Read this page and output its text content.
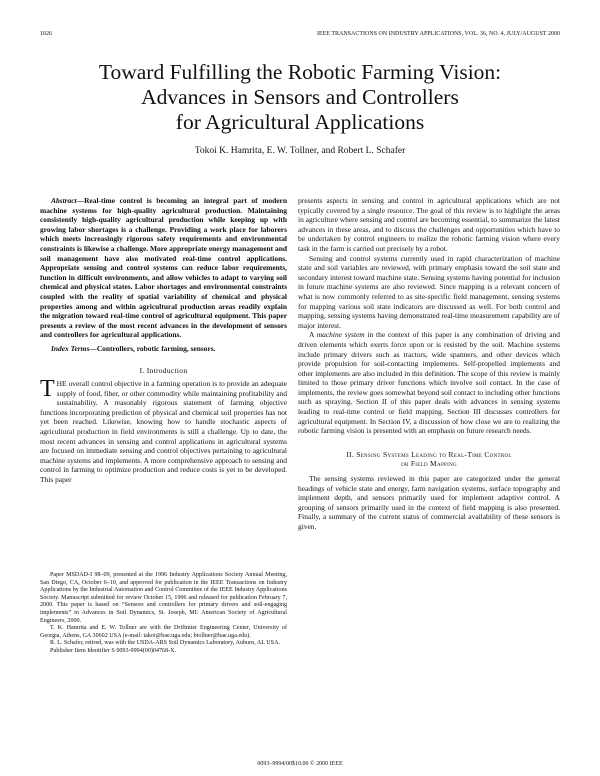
1026	IEEE TRANSACTIONS ON INDUSTRY APPLICATIONS, VOL. 36, NO. 4, JULY/AUGUST 2000
Toward Fulfilling the Robotic Farming Vision:
Advances in Sensors and Controllers
for Agricultural Applications
Tokoi K. Hamrita, E. W. Tollner, and Robert L. Schafer

Abstract—Real-time control is becoming an integral part of modern machine systems for high-quality agricultural production. Maintaining consistently high-quality agricultural production while keeping up with growing labor shortages is a challenge. Providing a work place for laborers which meets increasingly rigorous safety requirements and environmental constraints is likewise a challenge. More appropriate energy management and soil management have also motivated real-time control applications. Appropriate sensing and control systems can reduce labor requirements, function in difficult environments, and allow vehicles to adapt to varying soil chemical and physical states. Labor shortages and environmental constraints coupled with the reality of spatial variability of chemical and physical properties among and within agricultural production areas readily explain the migration toward real-time control of agricultural equipment. This paper presents a review of the most recent advances in the development of sensors and controllers for agricultural applications.

Index Terms—Controllers, robotic farming, sensors.

I. Introduction

THE overall control objective in a farming operation is to provide an adequate supply of food, fiber, or other commodity while maintaining profitability and sustainability. A reasonably rigorous statement of farming objective functions incorporating prediction of physical and chemical soil properties has not yet been reached. Likewise, knowing how to handle stochastic aspects of agricultural production in field environments is still a challenge. Up to date, the most recent advances in sensing and control applications in agricultural systems are focused on immediate sensing and control objectives pertaining to agricultural machine systems and implements. A more comprehensive approach to sensing and control in farming to optimize production and reduce costs is yet to be developed. This paper

Paper MSDAD-I 98–09, presented at the 1996 Industry Applications Society Annual Meeting, San Diego, CA, October 6–10, and approved for publication in the IEEE Transactions on Industry Applications by the Industrial Automation and Control Committee of the IEEE Industry Applications Society. Manuscript submitted for review October 15, 1996 and released for publication February 7, 2000. This paper is based on “Sensors and controllers for primary drivers and soil-engaging implements” in Advances in Soil Dynamics, St. Joseph, MI: American Society of Agricultural Engineers, 2000.

T. K. Hamrita and E. W. Tollner are with the Driftmier Engineering Center, University of Georgia, Athens, GA 30602 USA (e-mail: takoi@bae.uga.edu; btollner@bae.uga.edu).

R. L. Schafer, retired, was with the USDA-ARS Soil Dynamics Laboratory, Auburn, AL USA.

Publisher Item Identifier S 0093-9994(00)04768-X.

presents aspects in sensing and control in agricultural applications which are not typically covered by a single resource. The goal of this review is to highlight the areas in agriculture where sensing and control are becoming essential, to summarize the latest advances in these areas, and to discuss the challenges and opportunities which have to be undertaken by control engineers to realize the robotic farming vision where every task in the farm is carried out precisely by a robot.

Sensing and control systems currently used in rapid characterization of machine state and soil variables are reviewed, with primary emphasis toward the soil state and secondary interest toward machine state. Sensing systems having potential for inclusion in future machine systems are also reviewed. Since mapping is a relevant concern of what is now commonly referred to as site-specific field management, sensing systems for mapping various soil state indicators are discussed as well. For both control and mapping, sensing systems having demonstrated real-time measurement capability are of major interest.

A machine system in the context of this paper is any combination of driving and driven elements which exerts force upon or is resisted by the soil. Machine systems include primary drivers such as tractors, wide spanners, and other devices which provide propulsion for soil-contacting implements. Self-propelled implements and other implements are also included in this definition. The scope of this review is mainly limited to those primary driver functions which involve soil contact. In the case of implements, the review goes somewhat beyond soil contact to including other functions such as spraying. Section II of this paper deals with advances in sensing systems leading to real-time control or field mapping. Section III discusses controllers for agricultural equipment. In Section IV, a discussion of how close we are to realizing the robotic farming vision is presented with an emphasis on future research needs.

II. Sensing Systems Leading to Real-Time Control

or Field Mapping

The sensing systems reviewed in this paper are categorized under the general headings of vehicle state and energy, farm navigation systems, surface topography and implement depth, and sensors primarily used for implement adaptive control. A grouping of sensors primarily used in the context of field mapping is also presented. Finally, a summary of the current status of commercial availability of these sensors is given.

0093–9994/00$10.00 © 2000 IEEE
